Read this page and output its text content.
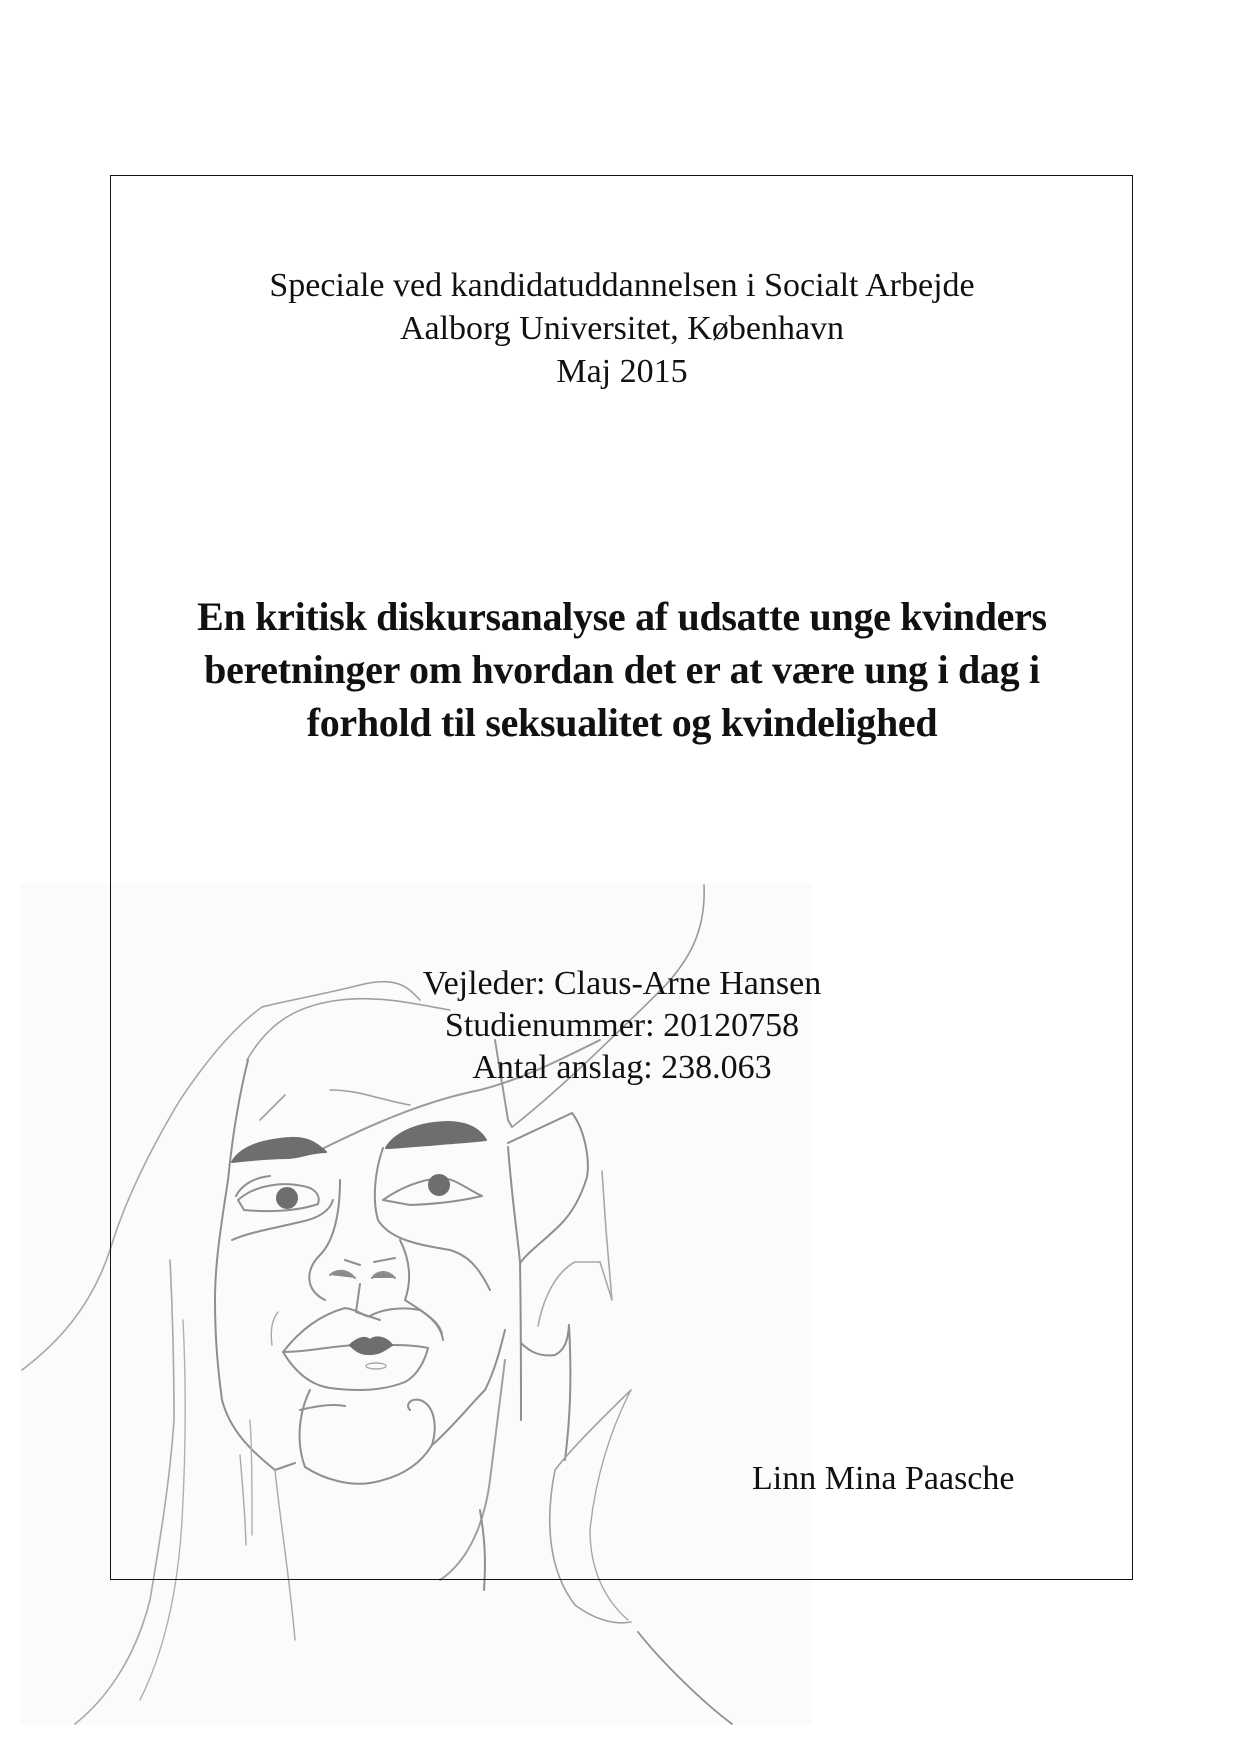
Speciale ved kandidatuddannelsen i Socialt Arbejde
Aalborg Universitet, København
Maj 2015
En kritisk diskursanalyse af udsatte unge kvinders
beretninger om hvordan det er at være ung i dag i
forhold til seksualitet og kvindelighed
Vejleder: Claus-Arne Hansen
Studienummer: 20120758
Antal anslag: 238.063
Linn Mina Paasche
